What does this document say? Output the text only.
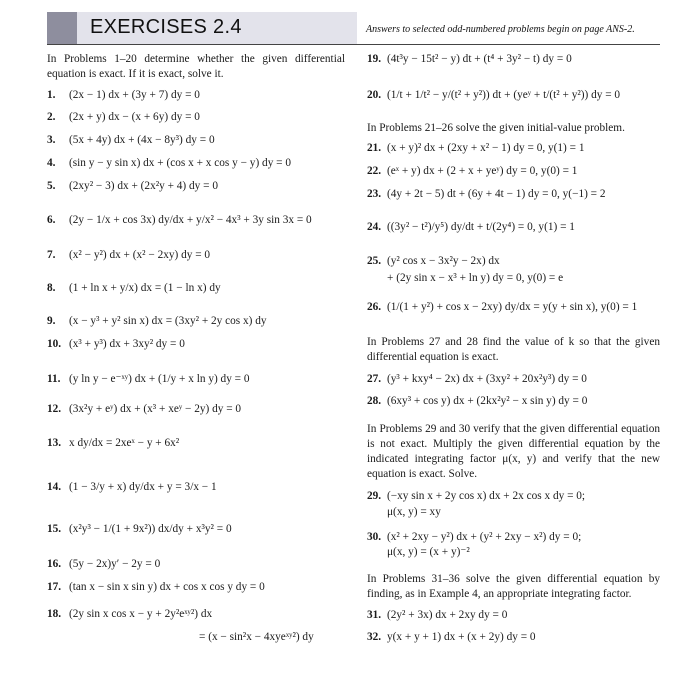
EXERCISES 2.4	Answers to selected odd-numbered problems begin on page ANS-2.
In Problems 1–20 determine whether the given differential equation is exact. If it is exact, solve it.
1. (2x − 1) dx + (3y + 7) dy = 0
2. (2x + y) dx − (x + 6y) dy = 0
3. (5x + 4y) dx + (4x − 8y³) dy = 0
4. (sin y − y sin x) dx + (cos x + x cos y − y) dy = 0
5. (2xy² − 3) dx + (2x²y + 4) dy = 0
6. (2y − 1/x + cos 3x) dy/dx + y/x² − 4x³ + 3y sin 3x = 0
7. (x² − y²) dx + (x² − 2xy) dy = 0
8. (1 + ln x + y/x) dx = (1 − ln x) dy
9. (x − y³ + y² sin x) dx = (3xy² + 2y cos x) dy
10. (x³ + y³) dx + 3xy² dy = 0
11. (y ln y − e⁻ˣʸ) dx + (1/y + x ln y) dy = 0
12. (3x²y + eʸ) dx + (x³ + xeʸ − 2y) dy = 0
13. x dy/dx = 2xeˣ − y + 6x²
14. (1 − 3/y + x) dy/dx + y = 3/x − 1
15. (x²y³ − 1/(1 + 9x²)) dx/dy + x³y² = 0
16. (5y − 2x)y′ − 2y = 0
17. (tan x − sin x sin y) dx + cos x cos y dy = 0
18. (2y sin x cos x − y + 2y²eˣʸ²) dx
= (x − sin²x − 4xyeˣʸ²) dy
19. (4t³y − 15t² − y) dt + (t⁴ + 3y² − t) dy = 0
20. (1/t + 1/t² − y/(t² + y²)) dt + (yeʸ + t/(t² + y²)) dy = 0
In Problems 21–26 solve the given initial-value problem.
21. (x + y)² dx + (2xy + x² − 1) dy = 0, y(1) = 1
22. (eˣ + y) dx + (2 + x + yeʸ) dy = 0, y(0) = 1
23. (4y + 2t − 5) dt + (6y + 4t − 1) dy = 0, y(−1) = 2
24. ((3y² − t²)/y⁵) dy/dt + t/(2y⁴) = 0, y(1) = 1
25. (y² cos x − 3x²y − 2x) dx
+ (2y sin x − x³ + ln y) dy = 0, y(0) = e
26. (1/(1 + y²) + cos x − 2xy) dy/dx = y(y + sin x), y(0) = 1
In Problems 27 and 28 find the value of k so that the given differential equation is exact.
27. (y³ + kxy⁴ − 2x) dx + (3xy² + 20x²y³) dy = 0
28. (6xy³ + cos y) dx + (2kx²y² − x sin y) dy = 0
In Problems 29 and 30 verify that the given differential equation is not exact. Multiply the given differential equation by the indicated integrating factor μ(x, y) and verify that the new equation is exact. Solve.
29. (−xy sin x + 2y cos x) dx + 2x cos x dy = 0;
μ(x, y) = xy
30. (x² + 2xy − y²) dx + (y² + 2xy − x²) dy = 0;
μ(x, y) = (x + y)⁻²
In Problems 31–36 solve the given differential equation by finding, as in Example 4, an appropriate integrating factor.
31. (2y² + 3x) dx + 2xy dy = 0
32. y(x + y + 1) dx + (x + 2y) dy = 0
